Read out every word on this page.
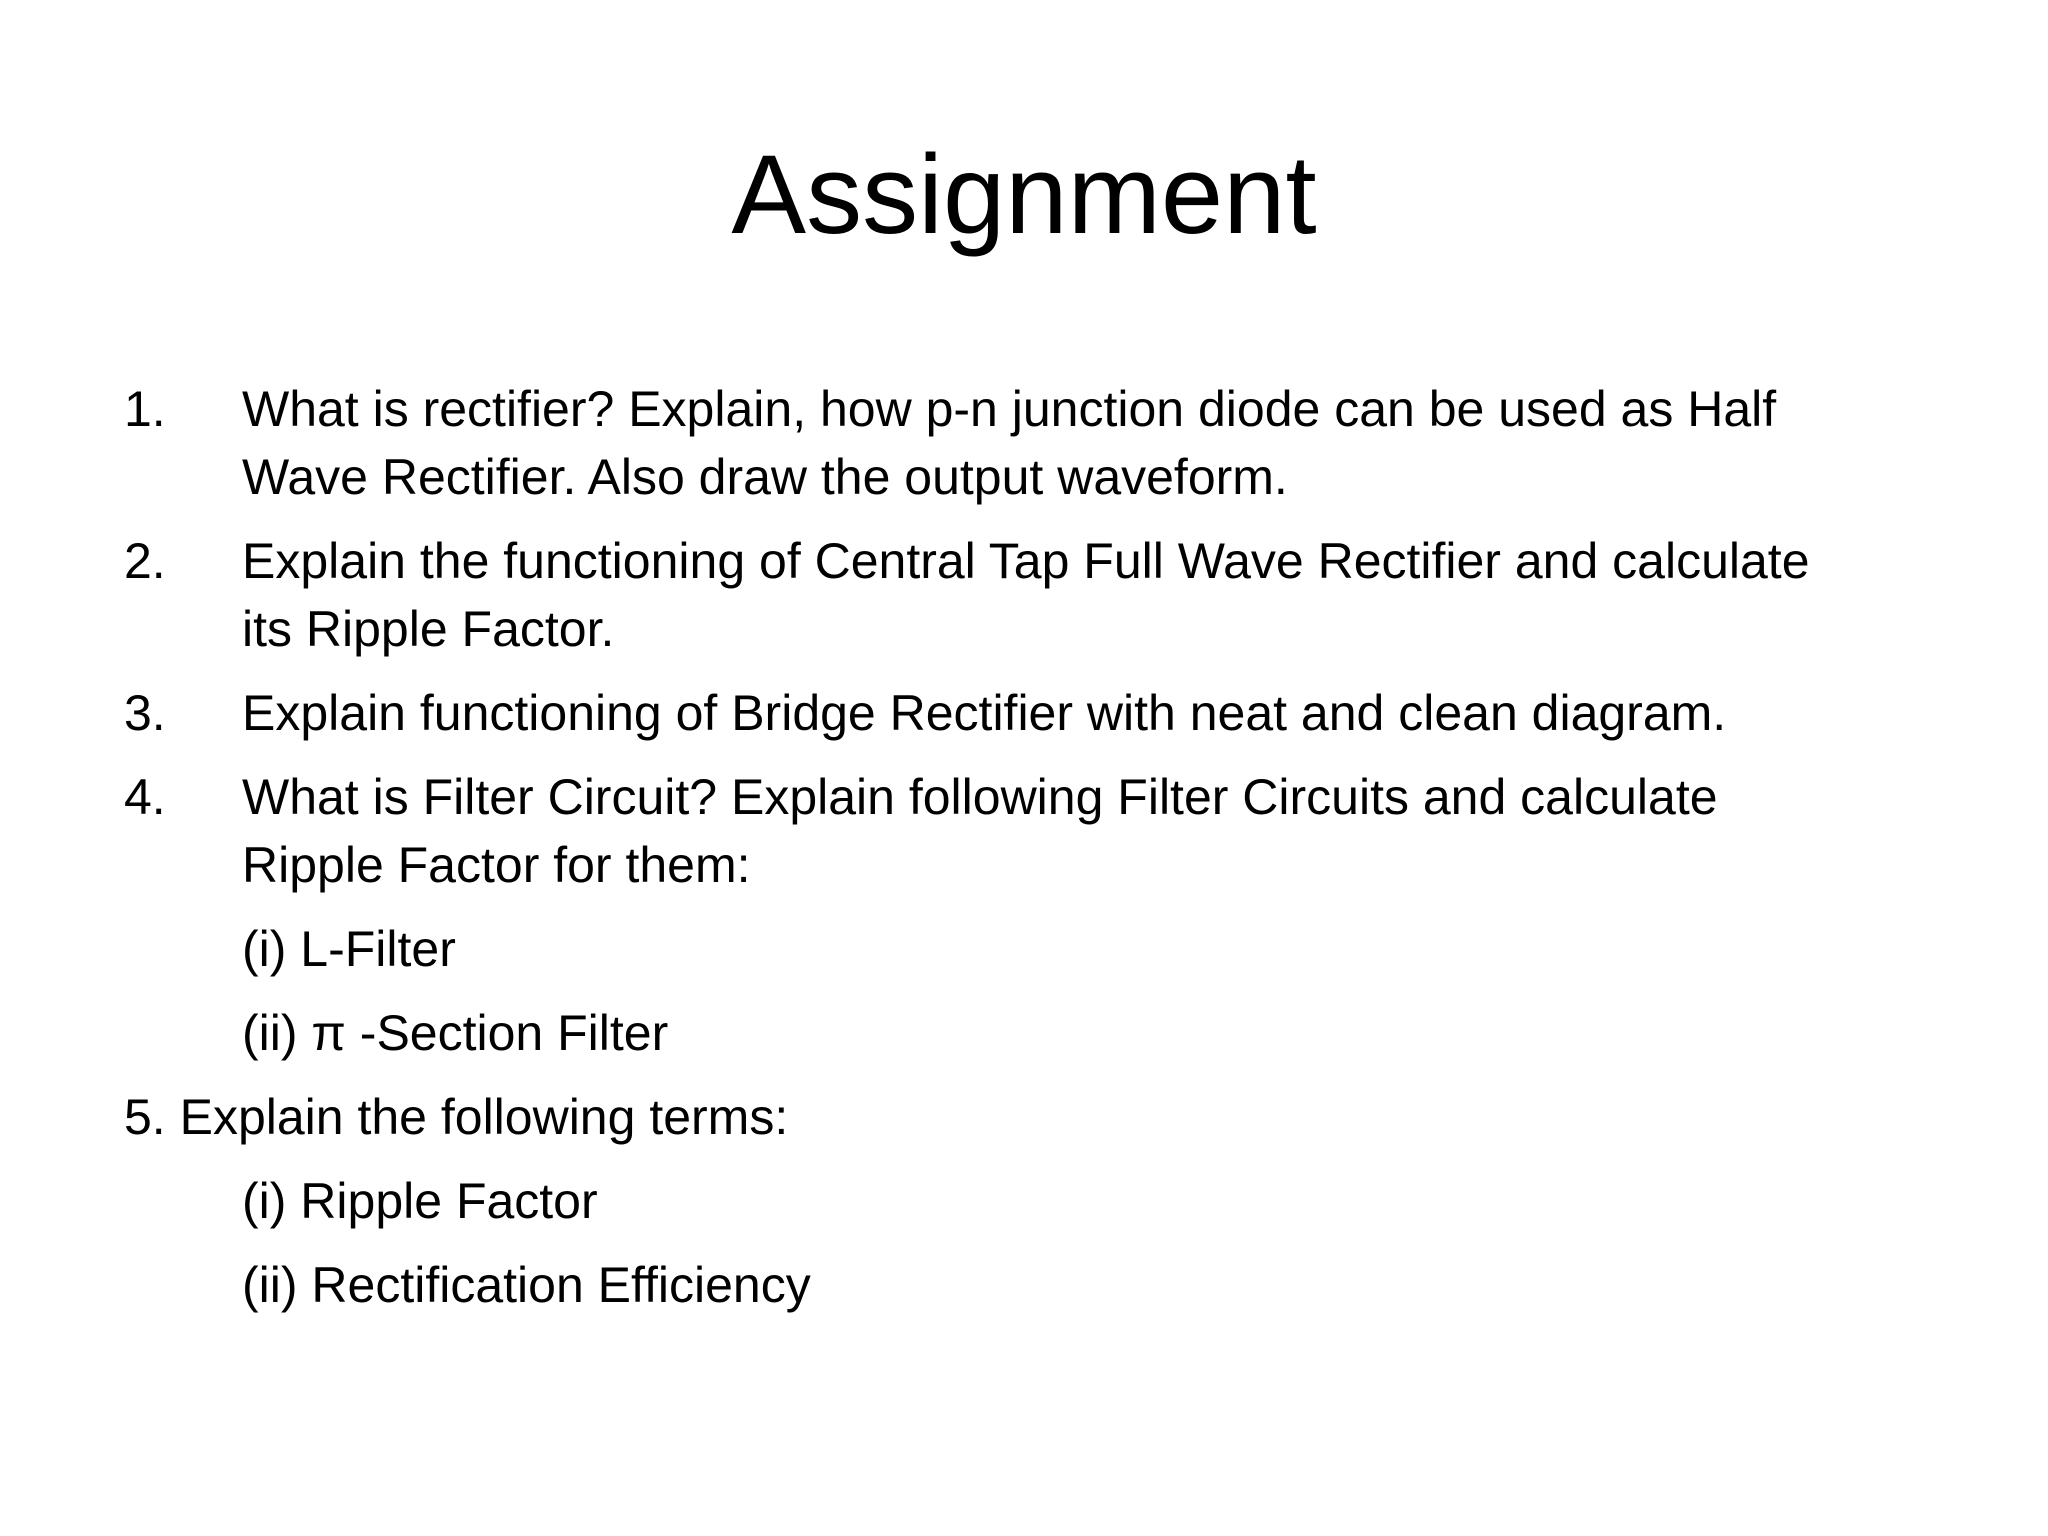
Assignment
1. What is rectifier? Explain, how p-n junction diode can be used as Half
Wave Rectifier. Also draw the output waveform.
2. Explain the functioning of Central Tap Full Wave Rectifier and calculate
its Ripple Factor.
3. Explain functioning of Bridge Rectifier with neat and clean diagram.
4. What is Filter Circuit? Explain following Filter Circuits and calculate
Ripple Factor for them:
(i) L-Filter
(ii) π -Section Filter
5. Explain the following terms:
(i) Ripple Factor
(ii) Rectification Efficiency
